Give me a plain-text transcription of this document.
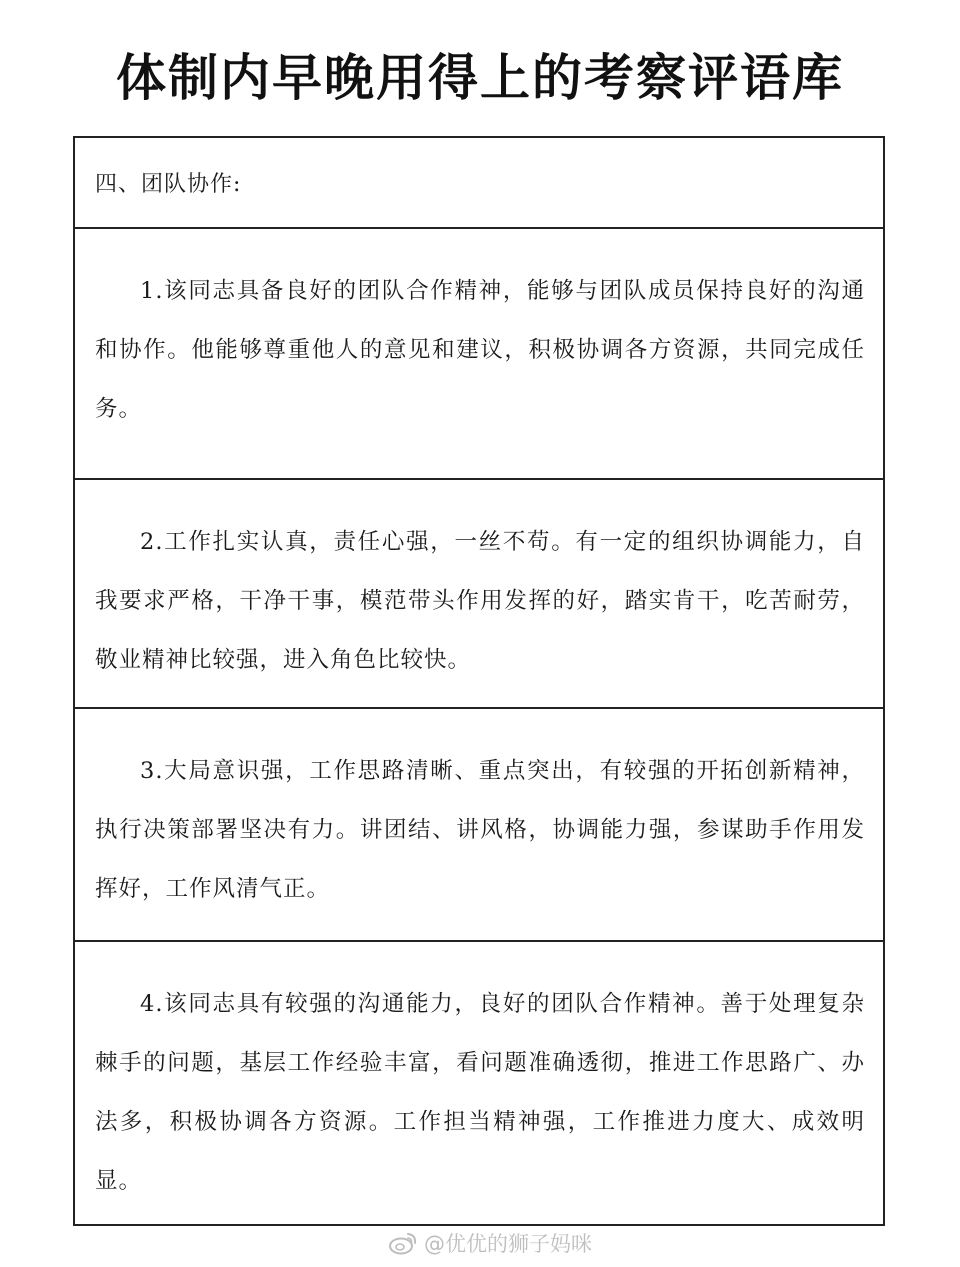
体制内早晚用得上的考察评语库
四、团队协作:

1.该同志具备良好的团队合作精神，能够与团队成员保持良好的沟通和协作。他能够尊重他人的意见和建议，积极协调各方资源，共同完成任务。

2.工作扎实认真，责任心强，一丝不苟。有一定的组织协调能力，自我要求严格，干净干事，模范带头作用发挥的好，踏实肯干，吃苦耐劳，敬业精神比较强，进入角色比较快。

3.大局意识强，工作思路清晰、重点突出，有较强的开拓创新精神，执行决策部署坚决有力。讲团结、讲风格，协调能力强，参谋助手作用发挥好，工作风清气正。

4.该同志具有较强的沟通能力，良好的团队合作精神。善于处理复杂棘手的问题，基层工作经验丰富，看问题准确透彻，推进工作思路广、办法多，积极协调各方资源。工作担当精神强，工作推进力度大、成效明显。

@优优的狮子妈咪
